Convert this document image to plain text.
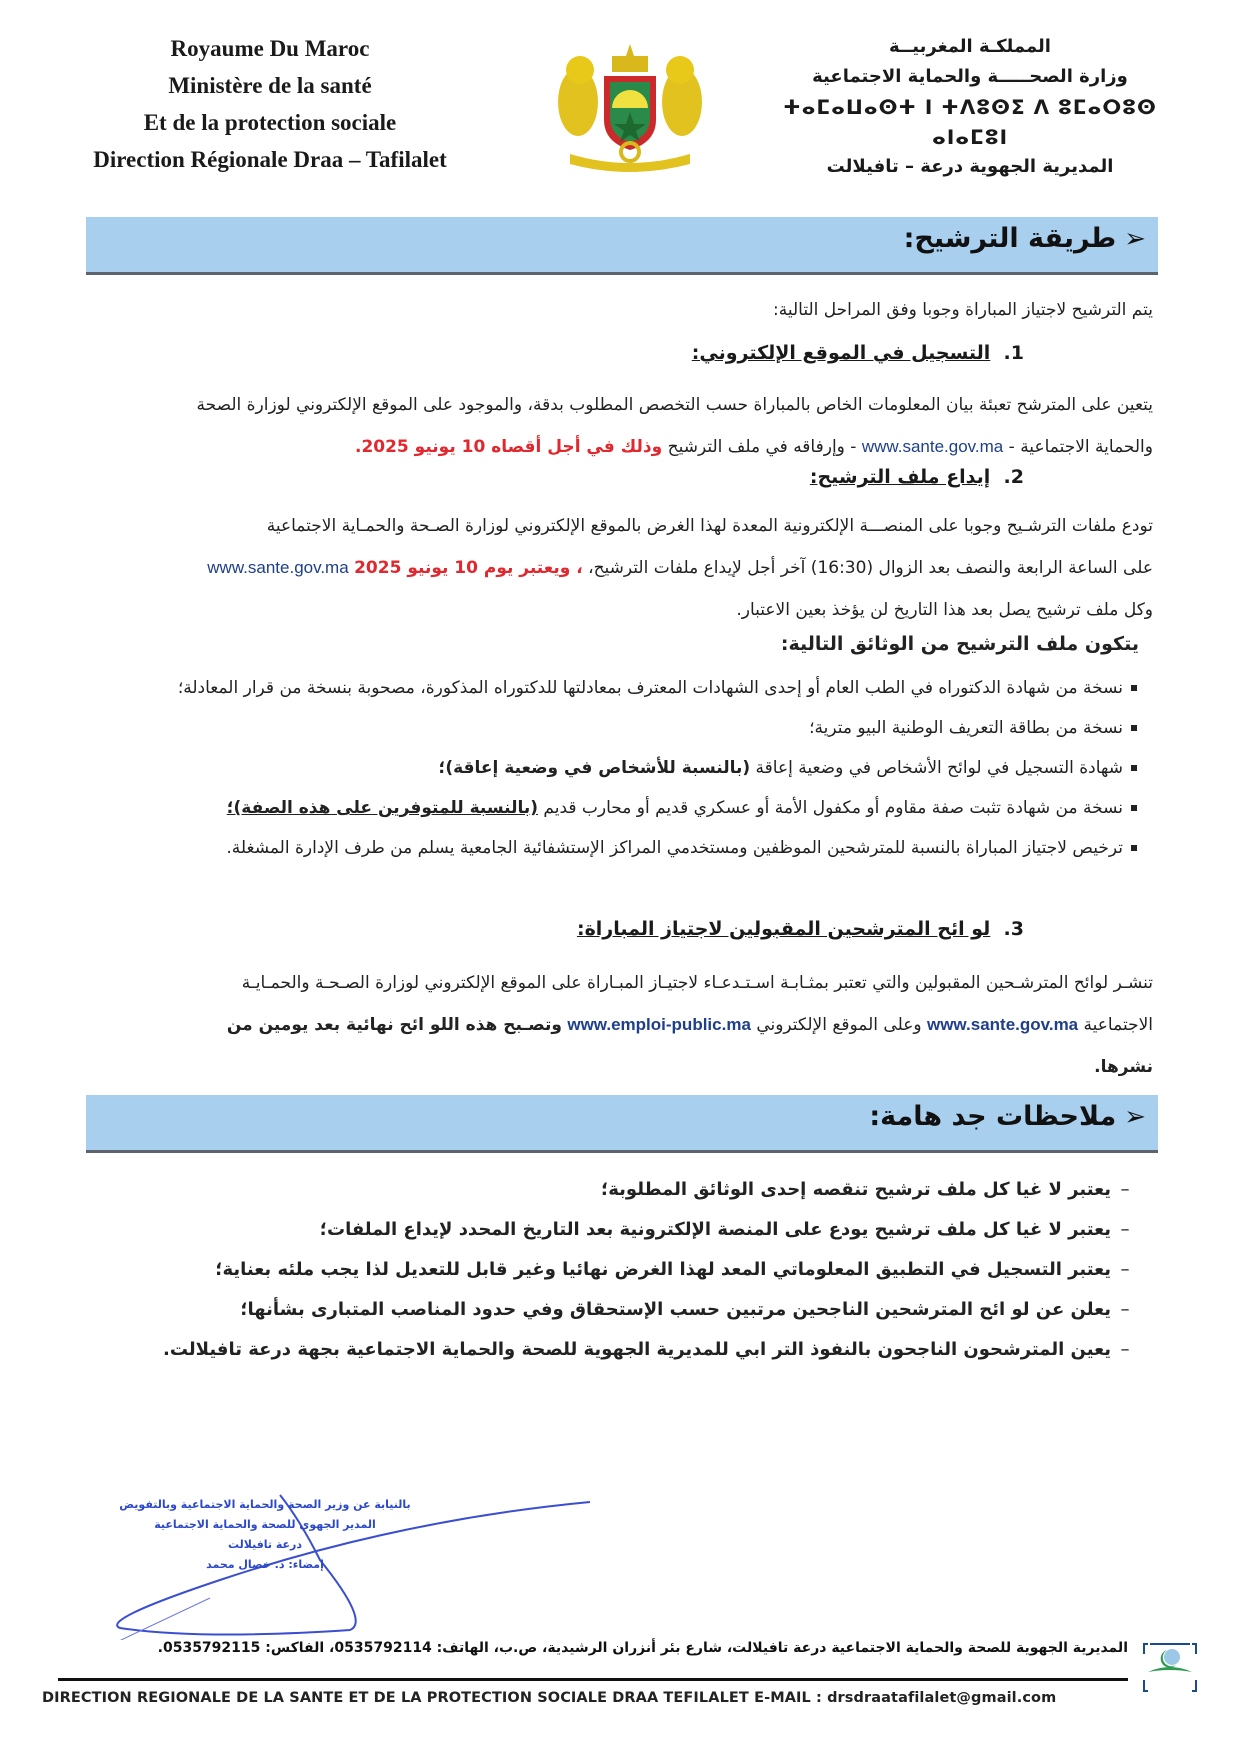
Royaume Du Maroc
Ministère de la santé
Et de la protection sociale
Direction Régionale Draa – Tafilalet
المملكـة المغربيــة
وزارة الصحـــــة والحماية الاجتماعية
ⵜⴰⵎⴰⵡⴰⵙⵜ ⵏ ⵜⴷⵓⵙⵉ ⴷ ⵓⵎⴰⵔⵓⵙ ⴰⵏⴰⵎⵓⵏ
المديرية الجهوية درعة – تافيلالت
➢طريقة الترشيح:

يتم الترشيح لاجتياز المباراة وجوبا وفق المراحل التالية:

1.  التسجيل في الموقع الإلكتروني:

يتعين على المترشح تعبئة بيان المعلومات الخاص بالمباراة حسب التخصص المطلوب بدقة، والموجود على الموقع الإلكتروني لوزارة الصحة

والحماية الاجتماعية - www.sante.gov.ma - وإرفاقه في ملف الترشيح وذلك في أجل أقصاه 10 يونيو 2025.

2.  إيداع ملف الترشيح:

تودع ملفات الترشـيح وجوبا على المنصـــة الإلكترونية المعدة لهذا الغرض بالموقع الإلكتروني لوزارة الصـحة والحمـاية الاجتماعية

على الساعة الرابعة والنصف بعد الزوال (16:30) آخر أجل لإيداع ملفات الترشيح، ، ويعتبر يوم 10 يونيو 2025 www.sante.gov.ma

وكل ملف ترشيح يصل بعد هذا التاريخ لن يؤخذ بعين الاعتبار.

يتكون ملف الترشيح من الوثائق التالية:

نسخة من شهادة الدكتوراه في الطب العام أو إحدى الشهادات المعترف بمعادلتها للدكتوراه المذكورة، مصحوبة بنسخة من قرار المعادلة؛
نسخة من بطاقة التعريف الوطنية البيو مترية؛
شهادة التسجيل في لوائح الأشخاص في وضعية إعاقة (بالنسبة للأشخاص في وضعية إعاقة)؛
نسخة من شهادة تثبت صفة مقاوم أو مكفول الأمة أو عسكري قديم أو محارب قديم (بالنسبة للمتوفرين على هذه الصفة)؛
ترخيص لاجتياز المباراة بالنسبة للمترشحين الموظفين ومستخدمي المراكز الإستشفائية الجامعية يسلم من طرف الإدارة المشغلة.
3.  لو ائح المترشحين المقبولين لاجتياز المباراة:

تنشـر لوائح المترشـحين المقبولين والتي تعتبر بمثـابـة اسـتـدعـاء لاجتيـاز المبـاراة على الموقع الإلكتروني لوزارة الصـحـة والحمـايـة

الاجتماعية www.sante.gov.ma وعلى الموقع الإلكتروني www.emploi-public.ma وتصـبح هذه اللو ائح نهائية بعد يومين من

نشرها.

➢ملاحظات جد هامة:
–يعتبر لا غيا كل ملف ترشيح تنقصه إحدى الوثائق المطلوبة؛
–يعتبر لا غيا كل ملف ترشيح يودع على المنصة الإلكترونية بعد التاريخ المحدد لإيداع الملفات؛
–يعتبر التسجيل في التطبيق المعلوماتي المعد لهذا الغرض نهائيا وغير قابل للتعديل لذا يجب ملئه بعناية؛
–يعلن عن لو ائح المترشحين الناجحين مرتبين حسب الإستحقاق وفي حدود المناصب المتبارى بشأنها؛
–يعين المترشحون الناجحون بالنفوذ التر ابي للمديرية الجهوية للصحة والحماية الاجتماعية بجهة درعة تافيلالت.
بالنيابة عن وزير الصحة والحماية الاجتماعية وبالتفويض
المدير الجهوي للصحة والحماية الاجتماعية
درعة تافيلالت
إمضاء: د. خصال محمد
المديرية الجهوية للصحة والحماية الاجتماعية درعة تافيلالت، شارع بئر أنزران الرشيدية، ص.ب، الهاتف: 0535792114، الفاكس: 0535792115.
DIRECTION REGIONALE DE LA SANTE ET DE LA PROTECTION SOCIALE DRAA TEFILALET E-MAIL : drsdraatafilalet@gmail.com
